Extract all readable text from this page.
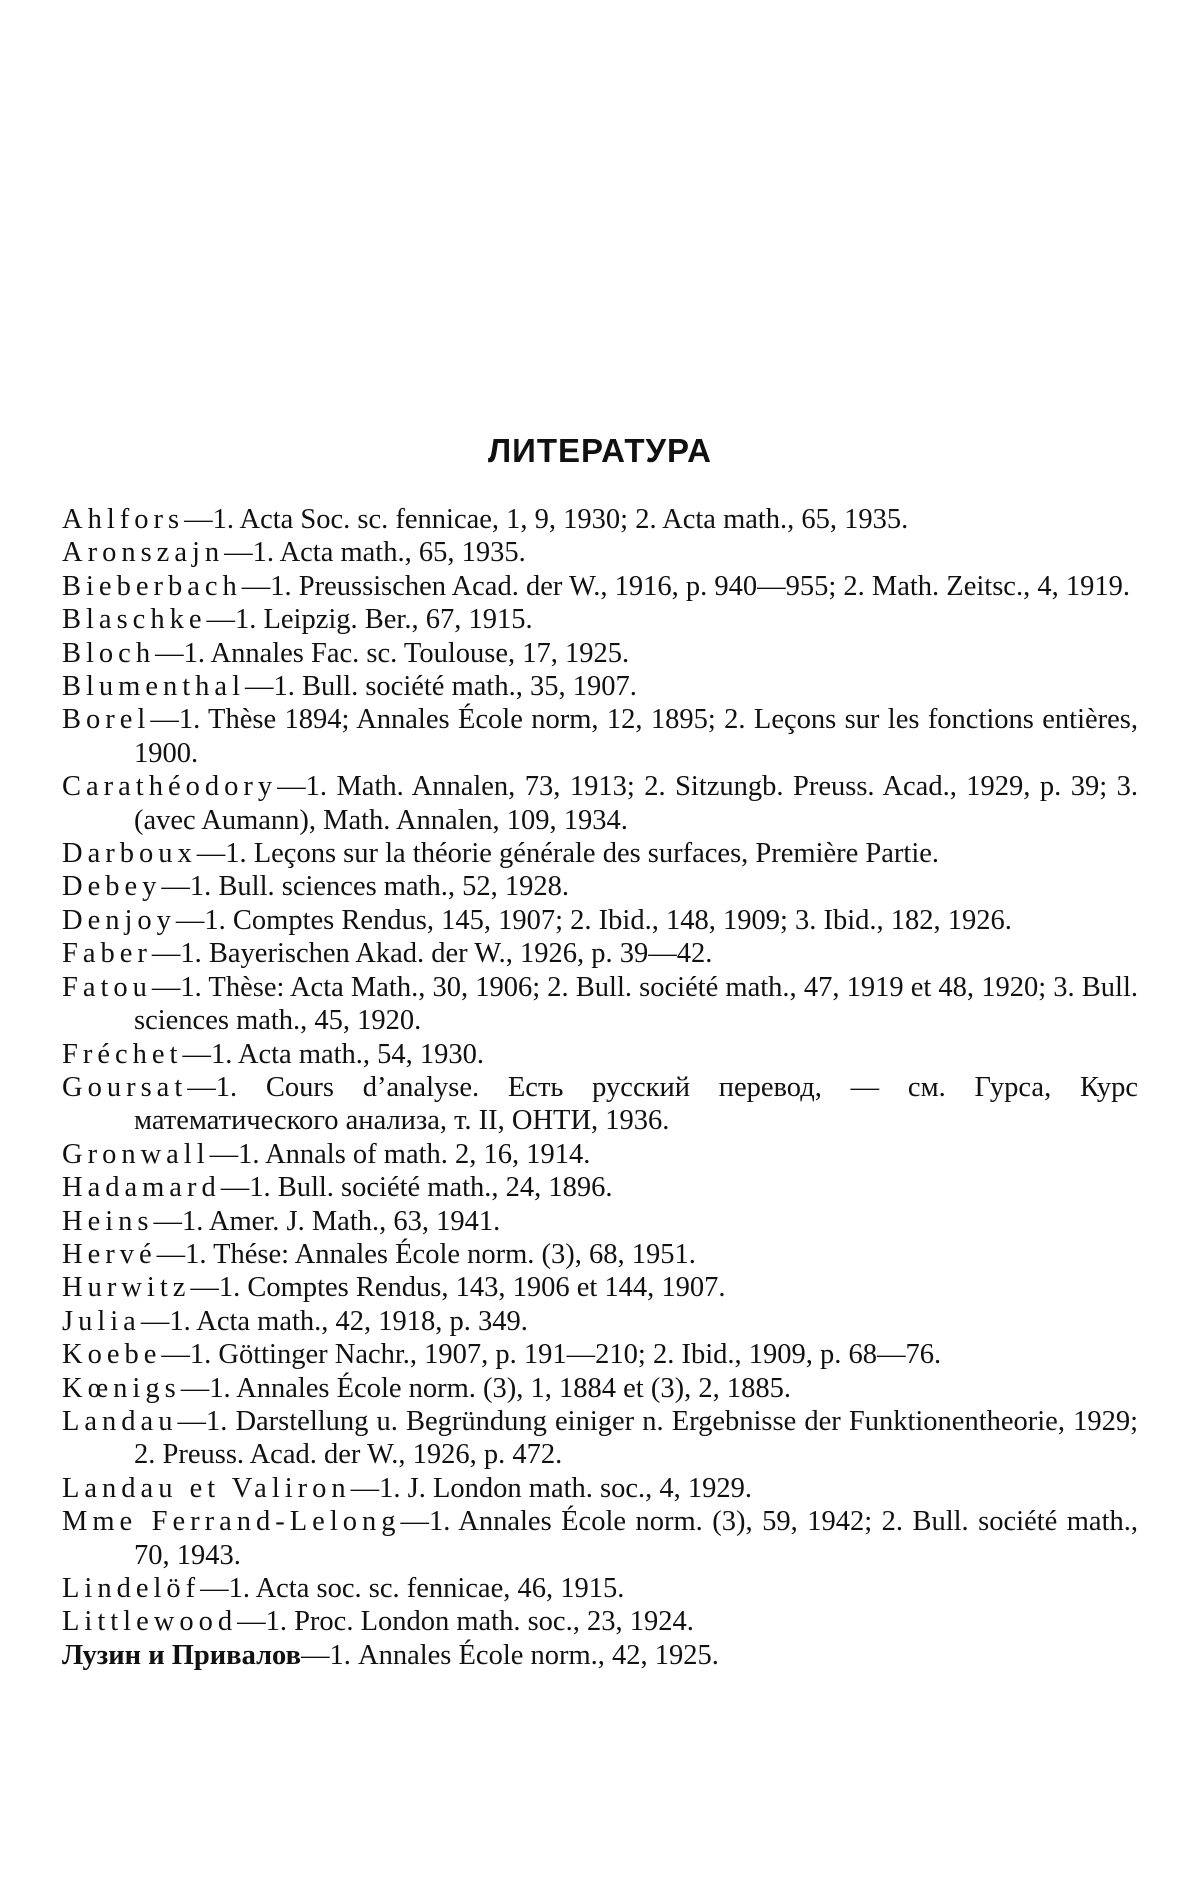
ЛИТЕРАТУРА
Ahlfors—1. Acta Soc. sc. fennicae, 1, 9, 1930; 2. Acta math., 65, 1935.
Aronszajn—1. Acta math., 65, 1935.
Bieberbach—1. Preussischen Acad. der W., 1916, p. 940—955; 2. Math. Zeitsc., 4, 1919.
Blaschke—1. Leipzig. Ber., 67, 1915.
Bloch—1. Annales Fac. sc. Toulouse, 17, 1925.
Blumenthal—1. Bull. société math., 35, 1907.
Borel—1. Thèse 1894; Annales École norm, 12, 1895; 2. Leçons sur les fonctions entières, 1900.
Carathéodory—1. Math. Annalen, 73, 1913; 2. Sitzungb. Preuss. Acad., 1929, p. 39; 3. (avec Aumann), Math. Annalen, 109, 1934.
Darboux—1. Leçons sur la théorie générale des surfaces, Première Partie.
Debey—1. Bull. sciences math., 52, 1928.
Denjoy—1. Comptes Rendus, 145, 1907; 2. Ibid., 148, 1909; 3. Ibid., 182, 1926.
Faber—1. Bayerischen Akad. der W., 1926, p. 39—42.
Fatou—1. Thèse: Acta Math., 30, 1906; 2. Bull. société math., 47, 1919 et 48, 1920; 3. Bull. sciences math., 45, 1920.
Fréchet—1. Acta math., 54, 1930.
Goursat—1. Cours d’analyse. Есть русский перевод, — см. Гурса, Курс математического анализа, т. II, ОНТИ, 1936.
Gronwall—1. Annals of math. 2, 16, 1914.
Hadamard—1. Bull. société math., 24, 1896.
Heins—1. Amer. J. Math., 63, 1941.
Hervé—1. Thése: Annales École norm. (3), 68, 1951.
Hurwitz—1. Comptes Rendus, 143, 1906 et 144, 1907.
Julia—1. Acta math., 42, 1918, p. 349.
Koebe—1. Göttinger Nachr., 1907, p. 191—210; 2. Ibid., 1909, p. 68—76.
Kœnigs—1. Annales École norm. (3), 1, 1884 et (3), 2, 1885.
Landau—1. Darstellung u. Begründung einiger n. Ergebnisse der Funktionentheorie, 1929; 2. Preuss. Acad. der W., 1926, p. 472.
Landau et Valiron—1. J. London math. soc., 4, 1929.
Mme Ferrand-Lelong—1. Annales École norm. (3), 59, 1942; 2. Bull. société math., 70, 1943.
Lindelöf—1. Acta soc. sc. fennicae, 46, 1915.
Littlewood—1. Proc. London math. soc., 23, 1924.
Лузин и Привалов—1. Annales École norm., 42, 1925.
